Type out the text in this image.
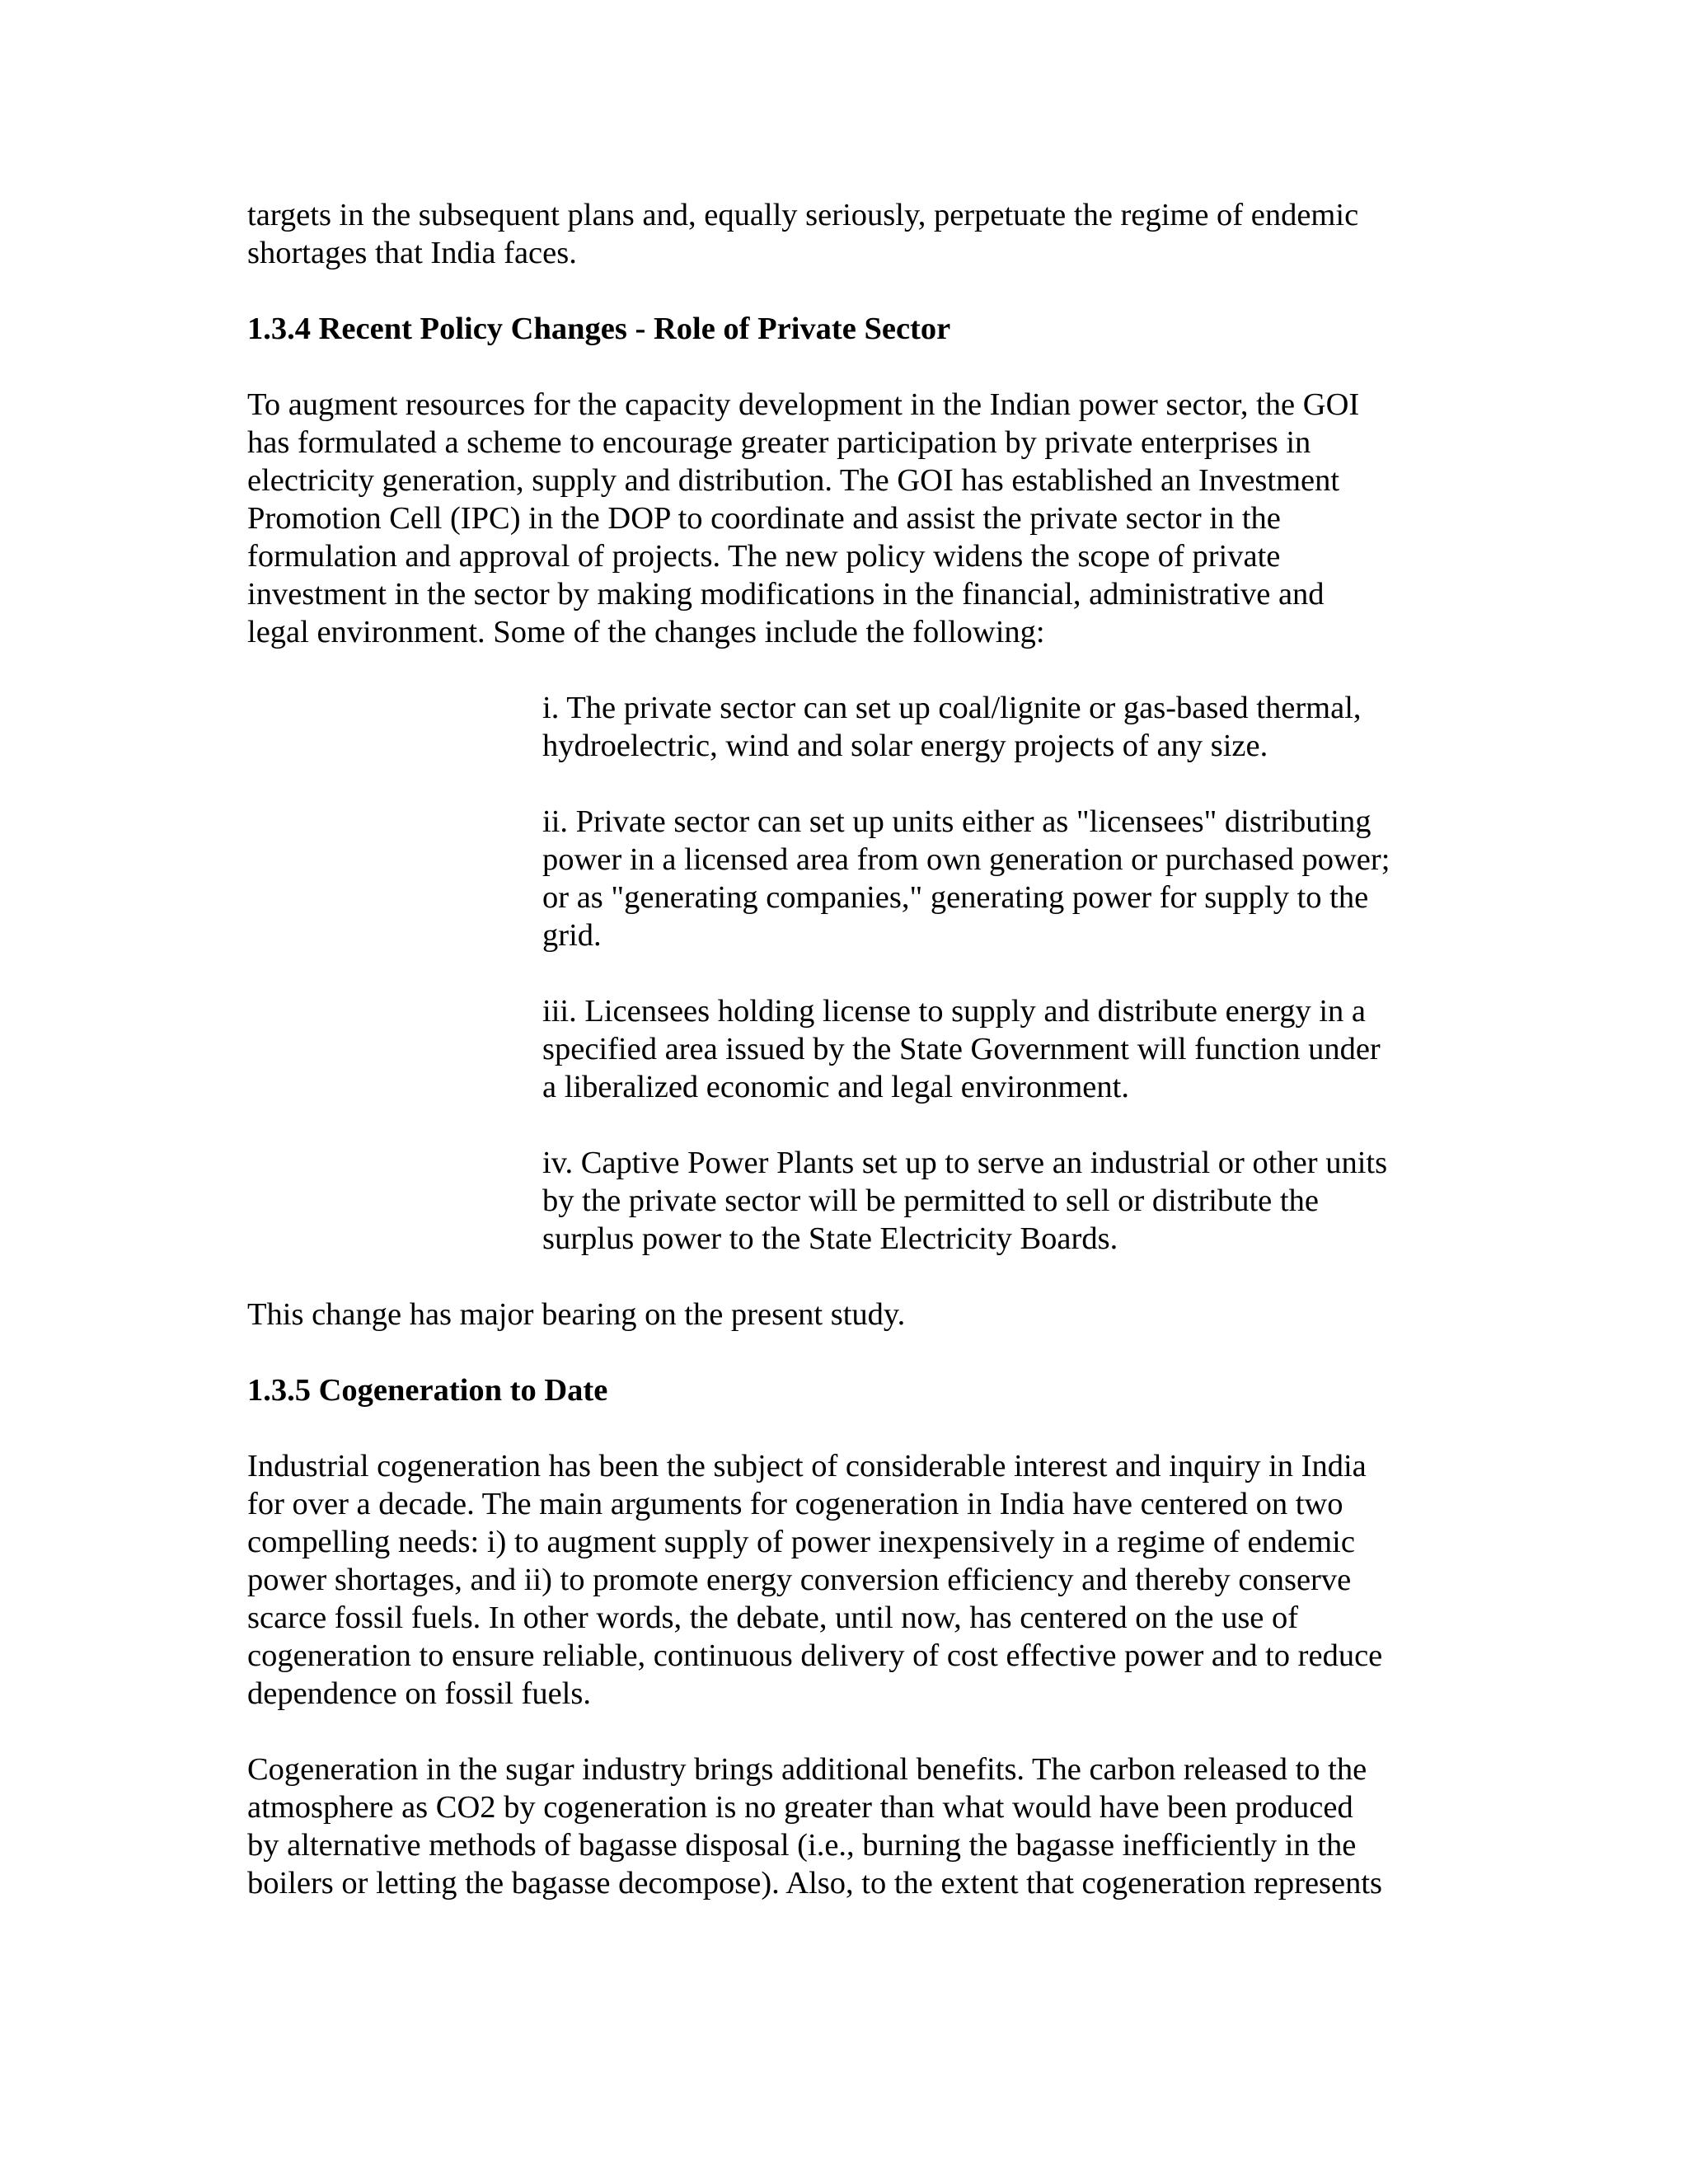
targets in the subsequent plans and, equally seriously, perpetuate the regime of endemic
shortages that India faces.
1.3.4 Recent Policy Changes - Role of Private Sector
To augment resources for the capacity development in the Indian power sector, the GOI
has formulated a scheme to encourage greater participation by private enterprises in
electricity generation, supply and distribution. The GOI has established an Investment
Promotion Cell (IPC) in the DOP to coordinate and assist the private sector in the
formulation and approval of projects. The new policy widens the scope of private
investment in the sector by making modifications in the financial, administrative and
legal environment. Some of the changes include the following:
i. The private sector can set up coal/lignite or gas-based thermal,
hydroelectric, wind and solar energy projects of any size.
ii. Private sector can set up units either as "licensees" distributing
power in a licensed area from own generation or purchased power;
or as "generating companies," generating power for supply to the
grid.
iii. Licensees holding license to supply and distribute energy in a
specified area issued by the State Government will function under
a liberalized economic and legal environment.
iv. Captive Power Plants set up to serve an industrial or other units
by the private sector will be permitted to sell or distribute the
surplus power to the State Electricity Boards.
This change has major bearing on the present study.
1.3.5 Cogeneration to Date
Industrial cogeneration has been the subject of considerable interest and inquiry in India
for over a decade. The main arguments for cogeneration in India have centered on two
compelling needs: i) to augment supply of power inexpensively in a regime of endemic
power shortages, and ii) to promote energy conversion efficiency and thereby conserve
scarce fossil fuels. In other words, the debate, until now, has centered on the use of
cogeneration to ensure reliable, continuous delivery of cost effective power and to reduce
dependence on fossil fuels.
Cogeneration in the sugar industry brings additional benefits. The carbon released to the
atmosphere as CO2 by cogeneration is no greater than what would have been produced
by alternative methods of bagasse disposal (i.e., burning the bagasse inefficiently in the
boilers or letting the bagasse decompose). Also, to the extent that cogeneration represents
